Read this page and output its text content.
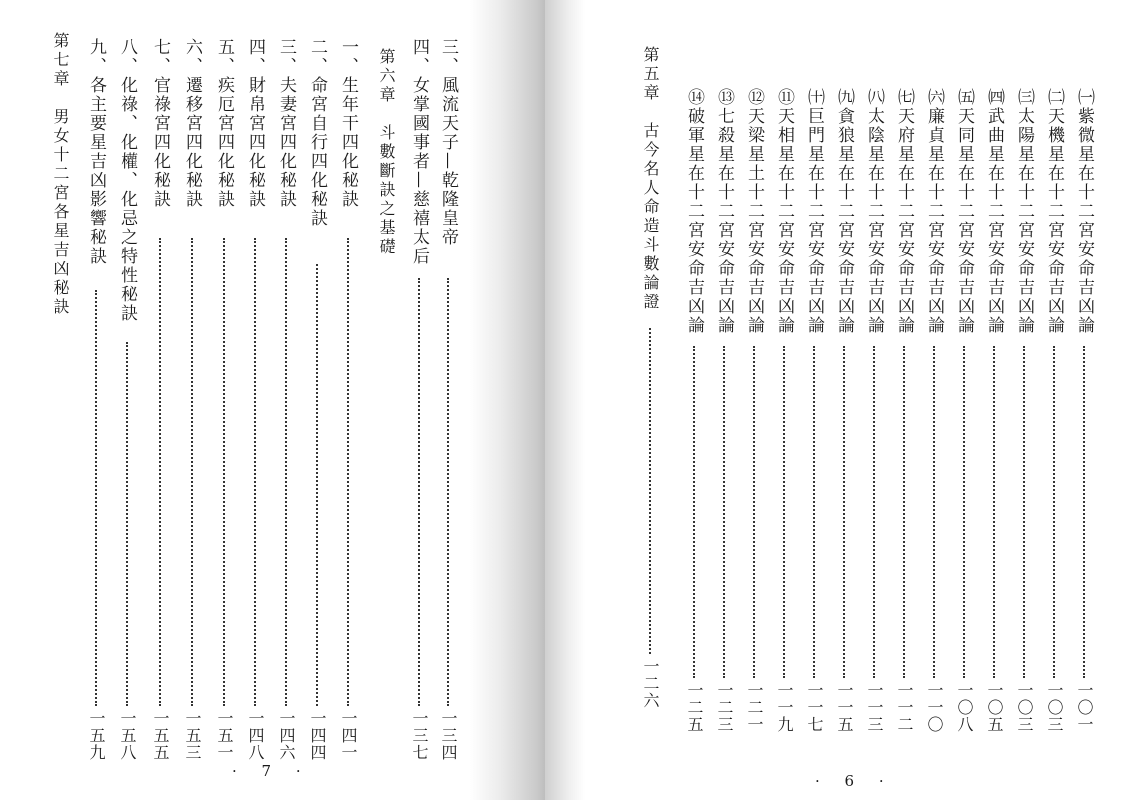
三、風流天子—乾隆皇帝
一三四
四、女掌國事者—慈禧太后
一三七
第六章　斗數斷訣之基礎
一、生年干四化秘訣
一四一
二、命宮自行四化秘訣
一四四
三、夫妻宮四化秘訣
一四六
四、財帛宮四化秘訣
一四八
五、疾厄宮四化秘訣
一五一
六、遷移宮四化秘訣
一五三
七、官祿宮四化秘訣
一五五
八、化祿、化權、化忌之特性秘訣
一五八
九、各主要星吉凶影響秘訣
一五九
第七章　男女十二宮各星吉凶秘訣
· 7 ·
㈠紫微星在十二宮安命吉凶論
一〇一
㈡天機星在十二宮安命吉凶論
一〇三
㈢太陽星在十二宮安命吉凶論
一〇三
㈣武曲星在十二宮安命吉凶論
一〇五
㈤天同星在十二宮安命吉凶論
一〇八
㈥廉貞星在十二宮安命吉凶論
一一〇
㈦天府星在十二宮安命吉凶論
一一二
㈧太陰星在十二宮安命吉凶論
一一三
㈨貪狼星在十二宮安命吉凶論
一一五
㈩巨門星在十二宮安命吉凶論
一一七
⑪天相星在十二宮安命吉凶論
一一九
⑫天梁星土十二宮安命吉凶論
一二一
⑬七殺星在十二宮安命吉凶論
一二三
⑭破軍星在十二宮安命吉凶論
一二五
第五章　古今名人命造斗數論證
一二六
· 6 ·
